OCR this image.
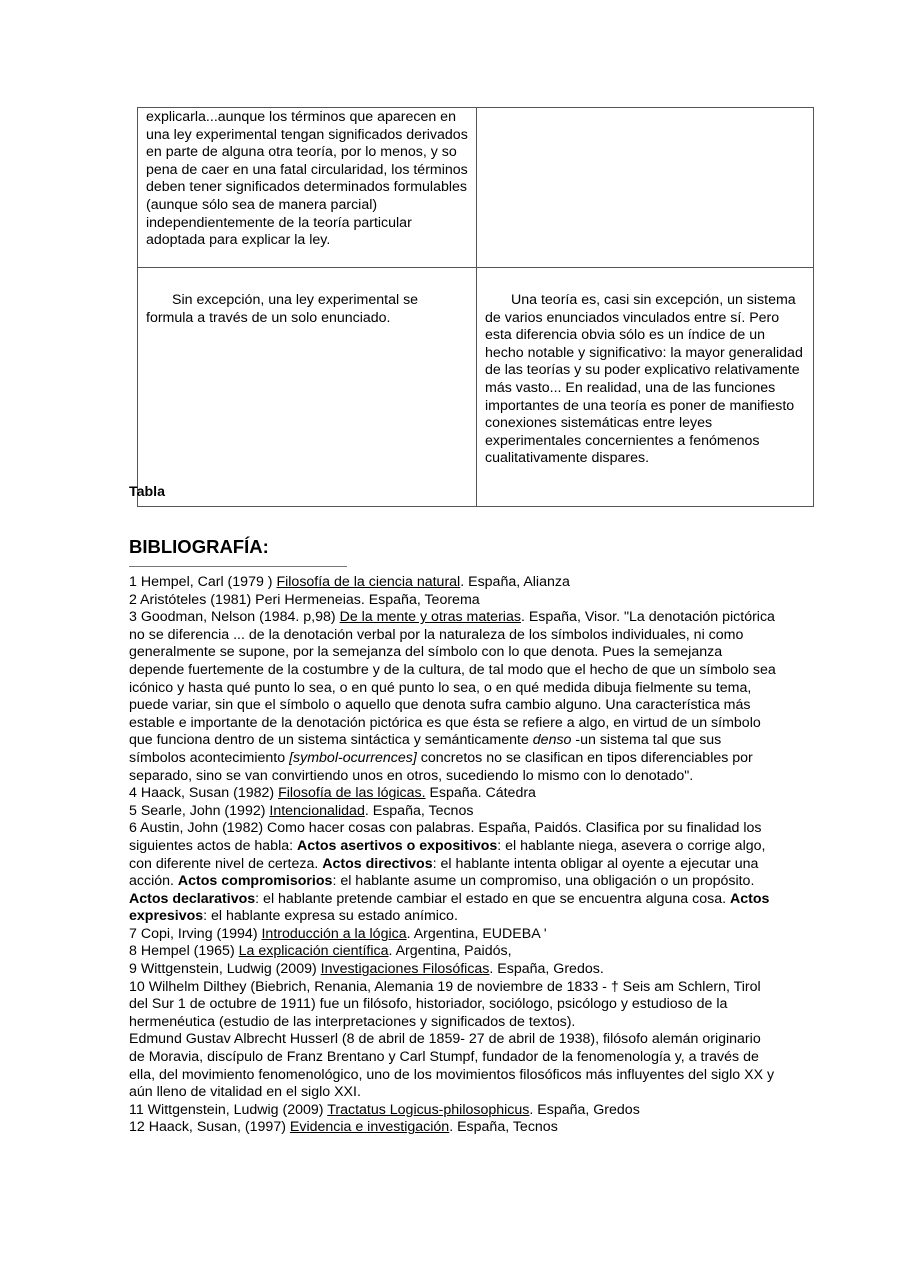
explicarla...aunque los términos que aparecen en una ley experimental tengan significados derivados en parte de alguna otra teoría, por lo menos, y so pena de caer en una fatal circularidad, los términos deben tener significados determinados formulables (aunque sólo sea de manera parcial) independientemente de la teoría particular adoptada para explicar la ley.	

Sin excepción, una ley experimental se formula a través de un solo enunciado.	Una teoría es, casi sin excepción, un sistema de varios enunciados vinculados entre sí. Pero esta diferencia obvia sólo es un índice de un hecho notable y significativo: la mayor generalidad de las teorías y su poder explicativo relativamente más vasto... En realidad, una de las funciones importantes de una teoría es poner de manifiesto conexiones sistemáticas entre leyes experimentales concernientes a fenómenos cualitativamente dispares.
Tabla
BIBLIOGRAFÍA:

1 Hempel, Carl (1979 ) Filosofía de la ciencia natural. España, Alianza

2 Aristóteles (1981) Peri Hermeneias. España, Teorema

3 Goodman, Nelson (1984. p,98) De la mente y otras materias. España, Visor. "La denotación pictórica no se diferencia ... de la denotación verbal por la naturaleza de los símbolos individuales, ni como generalmente se supone, por la semejanza del símbolo con lo que denota. Pues la semejanza depende fuertemente de la costumbre y de la cultura, de tal modo que el hecho de que un símbolo sea icónico y hasta qué punto lo sea, o en qué punto lo sea, o en qué medida dibuja fielmente su tema, puede variar, sin que el símbolo o aquello que denota sufra cambio alguno. Una característica más estable e importante de la denotación pictórica es que ésta se refiere a algo, en virtud de un símbolo que funciona dentro de un sistema sintáctica y semánticamente denso -un sistema tal que sus símbolos acontecimiento [symbol-ocurrences] concretos no se clasifican en tipos diferenciables por separado, sino se van convirtiendo unos en otros, sucediendo lo mismo con lo denotado".

4 Haack, Susan (1982) Filosofía de las lógicas. España. Cátedra

5 Searle, John (1992) Intencionalidad. España, Tecnos

6 Austin, John (1982) Como hacer cosas con palabras. España, Paidós. Clasifica por su finalidad los siguientes actos de habla: Actos asertivos o expositivos: el hablante niega, asevera o corrige algo, con diferente nivel de certeza. Actos directivos: el hablante intenta obligar al oyente a ejecutar una acción. Actos compromisorios: el hablante asume un compromiso, una obligación o un propósito. Actos declarativos: el hablante pretende cambiar el estado en que se encuentra alguna cosa. Actos expresivos: el hablante expresa su estado anímico.

7 Copi, Irving (1994) Introducción a la lógica. Argentina, EUDEBA '

8 Hempel (1965) La explicación científica. Argentina, Paidós,

9 Wittgenstein, Ludwig (2009) Investigaciones Filosóficas. España, Gredos.

10 Wilhelm Dilthey (Biebrich, Renania, Alemania 19 de noviembre de 1833 - † Seis am Schlern, Tirol del Sur 1 de octubre de 1911) fue un filósofo, historiador, sociólogo, psicólogo y estudioso de la hermenéutica (estudio de las interpretaciones y significados de textos).

Edmund Gustav Albrecht Husserl (8 de abril de 1859- 27 de abril de 1938), filósofo alemán originario de Moravia, discípulo de Franz Brentano y Carl Stumpf, fundador de la fenomenología y, a través de ella, del movimiento fenomenológico, uno de los movimientos filosóficos más influyentes del siglo XX y aún lleno de vitalidad en el siglo XXI.

11 Wittgenstein, Ludwig (2009) Tractatus Logicus-philosophicus. España, Gredos

12 Haack, Susan, (1997) Evidencia e investigación. España, Tecnos
